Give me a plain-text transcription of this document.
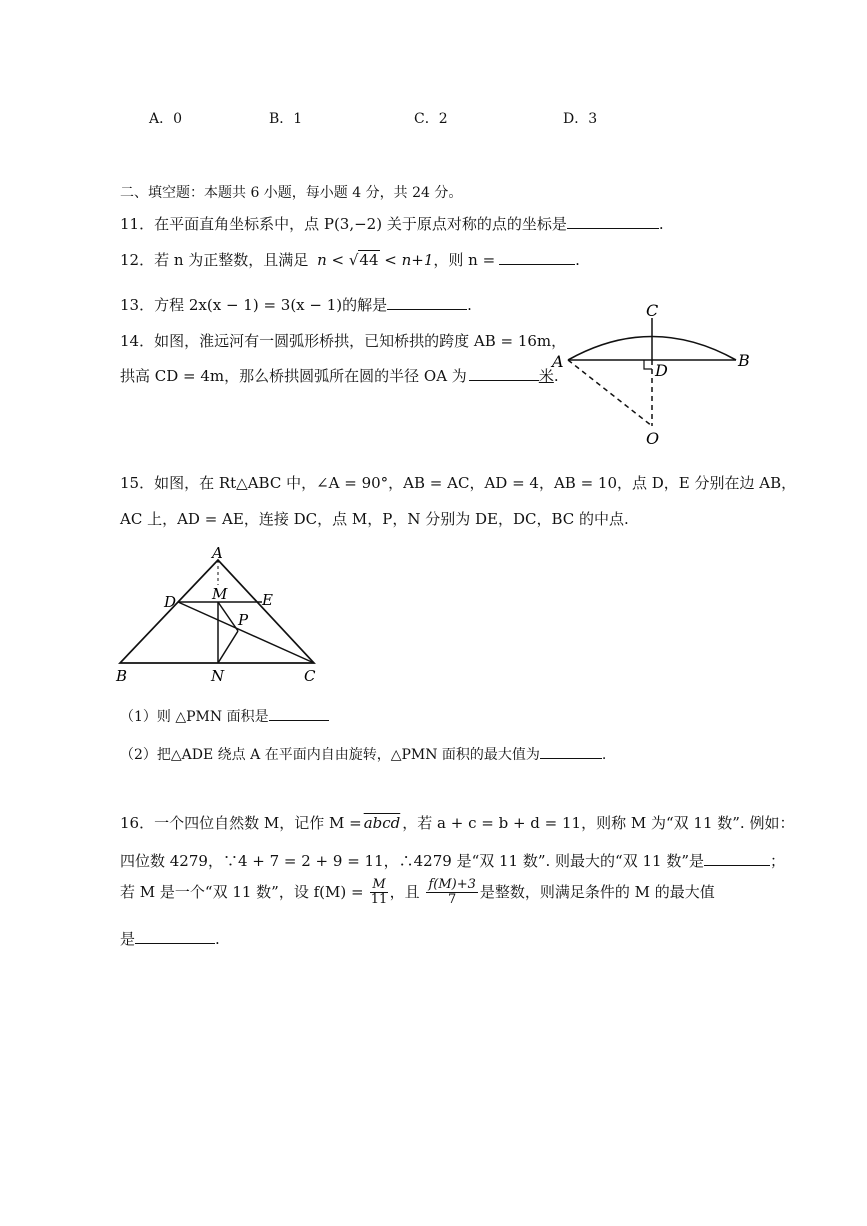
A．0	B．1	C．2	D．3
二、填空题：本题共 6 小题，每小题 4 分，共 24 分。
11．在平面直角坐标系中，点 P(3,−2) 关于原点对称的点的坐标是	.
12．若 n 为正整数，且满足 n < √44 < n+1，则 n =	.
13．方程 2x(x − 1) = 3(x − 1)的解是	.
14．如图，淮远河有一圆弧形桥拱，已知桥拱的跨度 AB = 16m，
拱高 CD = 4m，那么桥拱圆弧所在圆的半径 OA 为	米.
A	B
C
D
O
15．如图，在 Rt△ABC 中，∠A = 90°，AB = AC，AD = 4，AB = 10，点 D，E 分别在边 AB，
AC 上，AD = AE，连接 DC，点 M，P，N 分别为 DE，DC，BC 的中点.
A
D	E
M
P
B	N	C
（1）则 △PMN 面积是
（2）把△ADE 绕点 A 在平面内自由旋转，△PMN 面积的最大值为	.
16．一个四位自然数 M，记作 M = abcd ，若 a + c = b + d = 11，则称 M 为“双 11 数”. 例如：
四位数 4279，∵4 + 7 = 2 + 9 = 11，∴4279 是“双 11 数”. 则最大的“双 11 数”是	；
若 M 是一个“双 11 数”，设 $f(M) = \frac{M}{11}$ ，且 $\frac{f(M)+3}{7}$ 是整数，则满足条件的 M 的最大值
是	.
